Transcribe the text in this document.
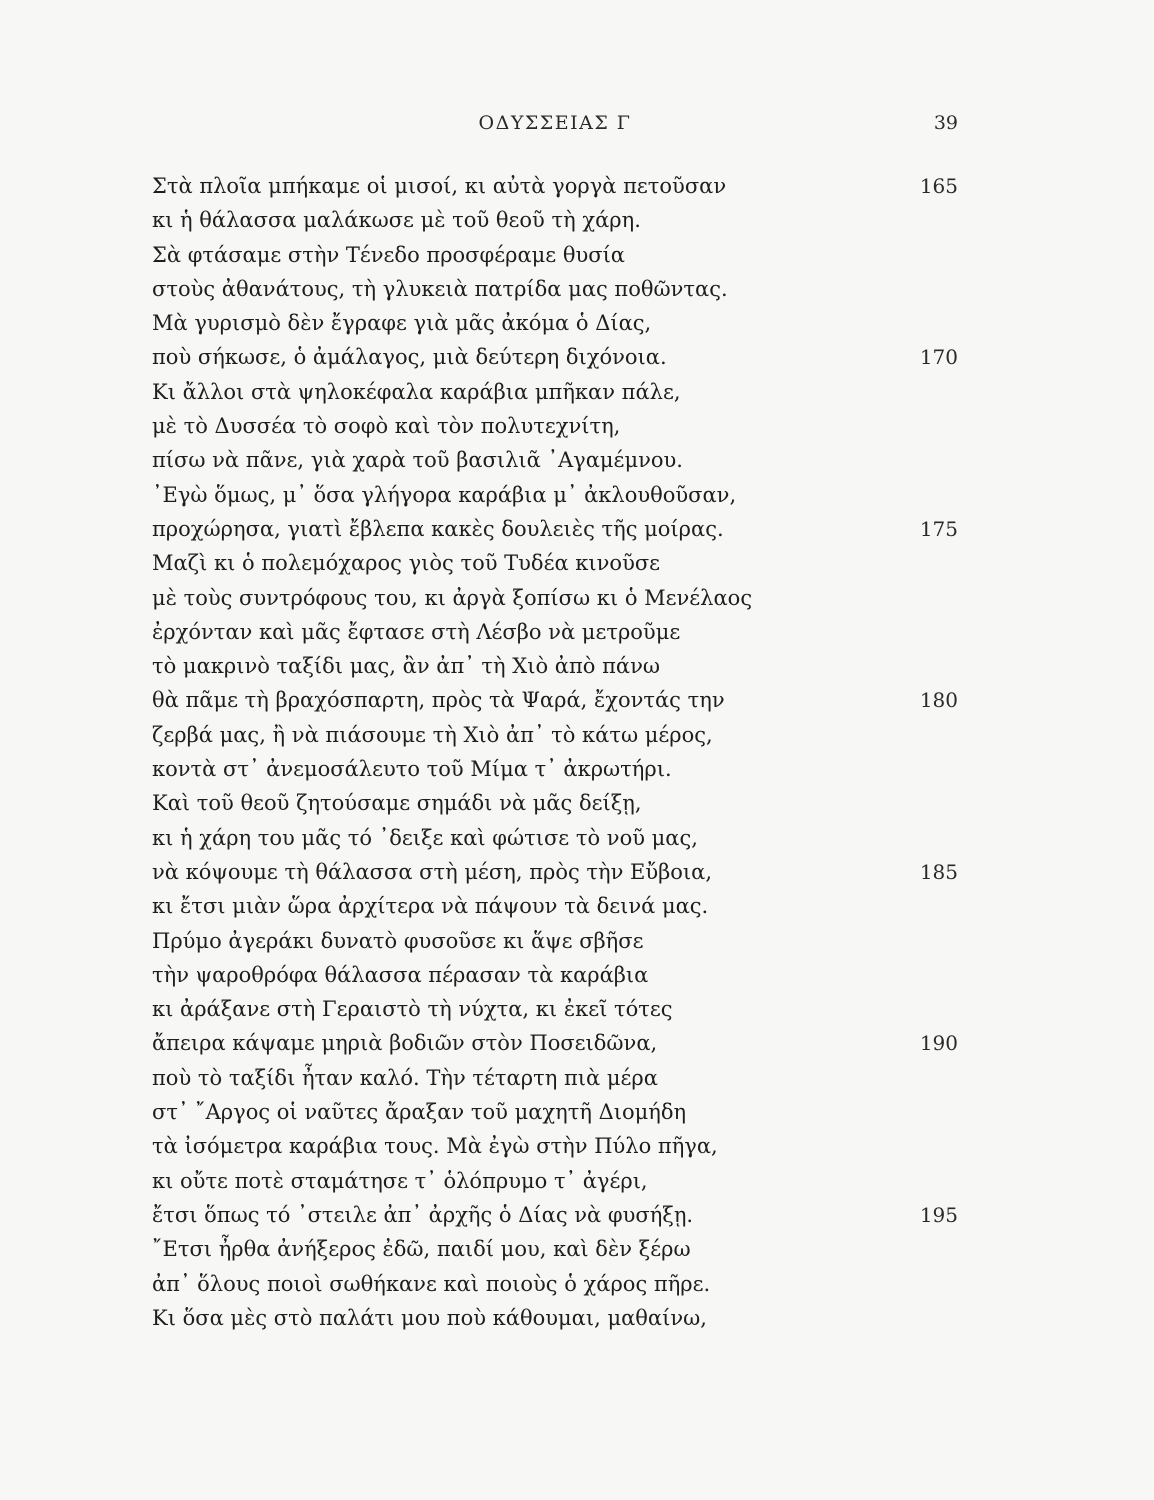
ΟΔΥΣΣΕΙΑΣ Γ	39
Στὰ πλοῖα μπήκαμε οἱ μισοί, κι αὐτὰ γοργὰ πετοῦσαν	165
κι ἡ θάλασσα μαλάκωσε μὲ τοῦ θεοῦ τὴ χάρη.
Σὰ φτάσαμε στὴν Τένεδο προσφέραμε θυσία
στοὺς ἀθανάτους, τὴ γλυκειὰ πατρίδα μας ποθῶντας.
Μὰ γυρισμὸ δὲν ἔγραφε γιὰ μᾶς ἀκόμα ὁ Δίας,
ποὺ σήκωσε, ὁ ἀμάλαγος, μιὰ δεύτερη διχόνοια.	170
Κι ἄλλοι στὰ ψηλοκέφαλα καράβια μπῆκαν πάλε,
μὲ τὸ Δυσσέα τὸ σοφὸ καὶ τὸν πολυτεχνίτη,
πίσω νὰ πᾶνε, γιὰ χαρὰ τοῦ βασιλιᾶ ᾿Αγαμέμνου.
᾿Εγὼ ὅμως, μ᾿ ὅσα γλήγορα καράβια μ᾿ ἀκλουθοῦσαν,
προχώρησα, γιατὶ ἔβλεπα κακὲς δουλειὲς τῆς μοίρας.	175
Μαζὶ κι ὁ πολεμόχαρος γιὸς τοῦ Τυδέα κινοῦσε
μὲ τοὺς συντρόφους του, κι ἀργὰ ξοπίσω κι ὁ Μενέλαος
ἐρχόνταν καὶ μᾶς ἔφτασε στὴ Λέσβο νὰ μετροῦμε
τὸ μακρινὸ ταξίδι μας, ἂν ἀπ᾿ τὴ Χιὸ ἀπὸ πάνω
θὰ πᾶμε τὴ βραχόσπαρτη, πρὸς τὰ Ψαρά, ἔχοντάς την	180
ζερβά μας, ἢ νὰ πιάσουμε τὴ Χιὸ ἀπ᾿ τὸ κάτω μέρος,
κοντὰ στ᾿ ἀνεμοσάλευτο τοῦ Μίμα τ᾿ ἀκρωτήρι.
Καὶ τοῦ θεοῦ ζητούσαμε σημάδι νὰ μᾶς δείξῃ,
κι ἡ χάρη του μᾶς τό ᾿δειξε καὶ φώτισε τὸ νοῦ μας,
νὰ κόψουμε τὴ θάλασσα στὴ μέση, πρὸς τὴν Εὔβοια,	185
κι ἔτσι μιὰν ὥρα ἀρχίτερα νὰ πάψουν τὰ δεινά μας.
Πρύμο ἀγεράκι δυνατὸ φυσοῦσε κι ἅψε σβῆσε
τὴν ψαροθρόφα θάλασσα πέρασαν τὰ καράβια
κι ἀράξανε στὴ Γεραιστὸ τὴ νύχτα, κι ἐκεῖ τότες
ἄπειρα κάψαμε μηριὰ βοδιῶν στὸν Ποσειδῶνα,	190
ποὺ τὸ ταξίδι ἦταν καλό. Τὴν τέταρτη πιὰ μέρα
στ᾿ ῎Αργος οἱ ναῦτες ἄραξαν τοῦ μαχητῆ Διομήδη
τὰ ἰσόμετρα καράβια τους. Μὰ ἐγὼ στὴν Πύλο πῆγα,
κι οὔτε ποτὲ σταμάτησε τ᾿ ὁλόπρυμο τ᾿ ἀγέρι,
ἔτσι ὅπως τό ᾿στειλε ἀπ᾿ ἀρχῆς ὁ Δίας νὰ φυσήξῃ.	195
῎Ετσι ἦρθα ἀνήξερος ἐδῶ, παιδί μου, καὶ δὲν ξέρω
ἀπ᾿ ὅλους ποιοὶ σωθήκανε καὶ ποιοὺς ὁ χάρος πῆρε.
Κι ὅσα μὲς στὸ παλάτι μου ποὺ κάθουμαι, μαθαίνω,
